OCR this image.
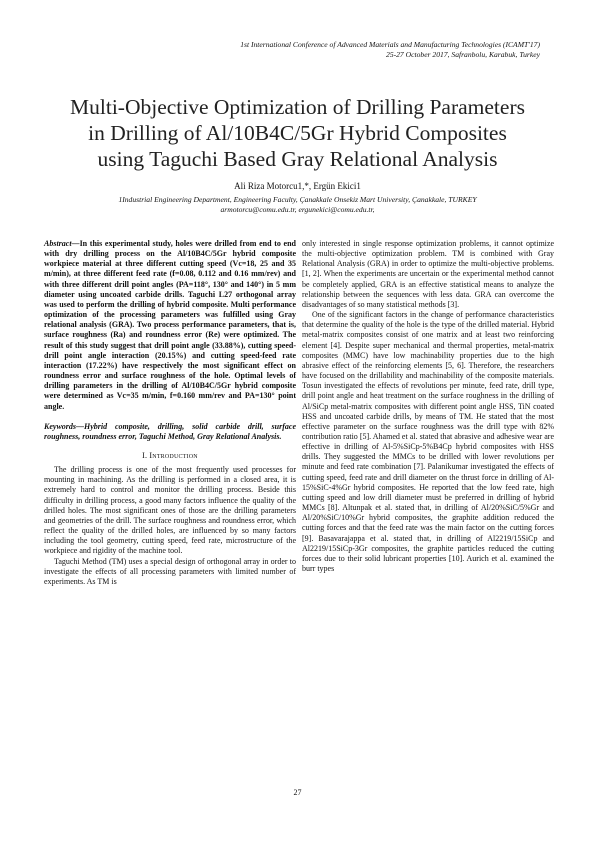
1st International Conference of Advanced Materials and Manufacturing Technologies (ICAMT'17)
25-27 October 2017, Safranbolu, Karabuk, Turkey
Multi-Objective Optimization of Drilling Parameters
in Drilling of Al/10B4C/5Gr Hybrid Composites
using Taguchi Based Gray Relational Analysis
Ali Riza Motorcu1,*, Ergün Ekici1
1Industrial Engineering Department, Engineering Faculty, Çanakkale Onsekiz Mart University, Çanakkale, TURKEY
armotorcu@comu.edu.tr, ergunekici@comu.edu.tr,

Abstract—In this experimental study, holes were drilled from end to end with dry drilling process on the Al/10B4C/5Gr hybrid composite workpiece material at three different cutting speed (Vc=18, 25 and 35 m/min), at three different feed rate (f=0.08, 0.112 and 0.16 mm/rev) and with three different drill point angles (PA=118°, 130° and 140°) in 5 mm diameter using uncoated carbide drills. Taguchi L27 orthogonal array was used to perform the drilling of hybrid composite. Multi performance optimization of the processing parameters was fulfilled using Gray relational analysis (GRA). Two process performance parameters, that is, surface roughness (Ra) and roundness error (Re) were optimized. The result of this study suggest that drill point angle (33.88%), cutting speed-drill point angle interaction (20.15%) and cutting speed-feed rate interaction (17.22%) have respectively the most significant effect on roundness error and surface roughness of the hole. Optimal levels of drilling parameters in the drilling of Al/10B4C/5Gr hybrid composite were determined as Vc=35 m/min, f=0.160 mm/rev and PA=130° point angle.

Keywords—Hybrid composite, drilling, solid carbide drill, surface roughness, roundness error, Taguchi Method, Gray Relational Analysis.

I. Introduction

The drilling process is one of the most frequently used processes for mounting in machining. As the drilling is performed in a closed area, it is extremely hard to control and monitor the drilling process. Beside this difficulty in drilling process, a good many factors influence the quality of the drilled holes. The most significant ones of those are the drilling parameters and geometries of the drill. The surface roughness and roundness error, which reflect the quality of the drilled holes, are influenced by so many factors including the tool geometry, cutting speed, feed rate, microstructure of the workpiece and rigidity of the machine tool.

Taguchi Method (TM) uses a special design of orthogonal array in order to investigate the effects of all processing parameters with limited number of experiments. As TM is

only interested in single response optimization problems, it cannot optimize the multi-objective optimization problem. TM is combined with Gray Relational Analysis (GRA) in order to optimize the multi-objective problems. [1, 2]. When the experiments are uncertain or the experimental method cannot be completely applied, GRA is an effective statistical means to analyze the relationship between the sequences with less data. GRA can overcome the disadvantages of so many statistical methods [3].

One of the significant factors in the change of performance characteristics that determine the quality of the hole is the type of the drilled material. Hybrid metal-matrix composites consist of one matrix and at least two reinforcing element [4]. Despite super mechanical and thermal properties, metal-matrix composites (MMC) have low machinability properties due to the high abrasive effect of the reinforcing elements [5, 6]. Therefore, the researchers have focused on the drillability and machinability of the composite materials. Tosun investigated the effects of revolutions per minute, feed rate, drill type, drill point angle and heat treatment on the surface roughness in the drilling of Al/SiCp metal-matrix composites with different point angle HSS, TiN coated HSS and uncoated carbide drills, by means of TM. He stated that the most effective parameter on the surface roughness was the drill type with 82% contribution ratio [5]. Ahamed et al. stated that abrasive and adhesive wear are effective in drilling of Al-5%SiCp-5%B4Cp hybrid composites with HSS drills. They suggested the MMCs to be drilled with lower revolutions per minute and feed rate combination [7]. Palanikumar investigated the effects of cutting speed, feed rate and drill diameter on the thrust force in drilling of Al-15%SiC-4%Gr hybrid composites. He reported that the low feed rate, high cutting speed and low drill diameter must be preferred in drilling of hybrid MMCs [8]. Altunpak et al. stated that, in drilling of Al/20%SiC/5%Gr and Al/20%SiC/10%Gr hybrid composites, the graphite addition reduced the cutting forces and that the feed rate was the main factor on the cutting forces [9]. Basavarajappa et al. stated that, in drilling of Al2219/15SiCp and Al2219/15SiCp-3Gr composites, the graphite particles reduced the cutting forces due to their solid lubricant properties [10]. Aurich et al. examined the burr types

27
